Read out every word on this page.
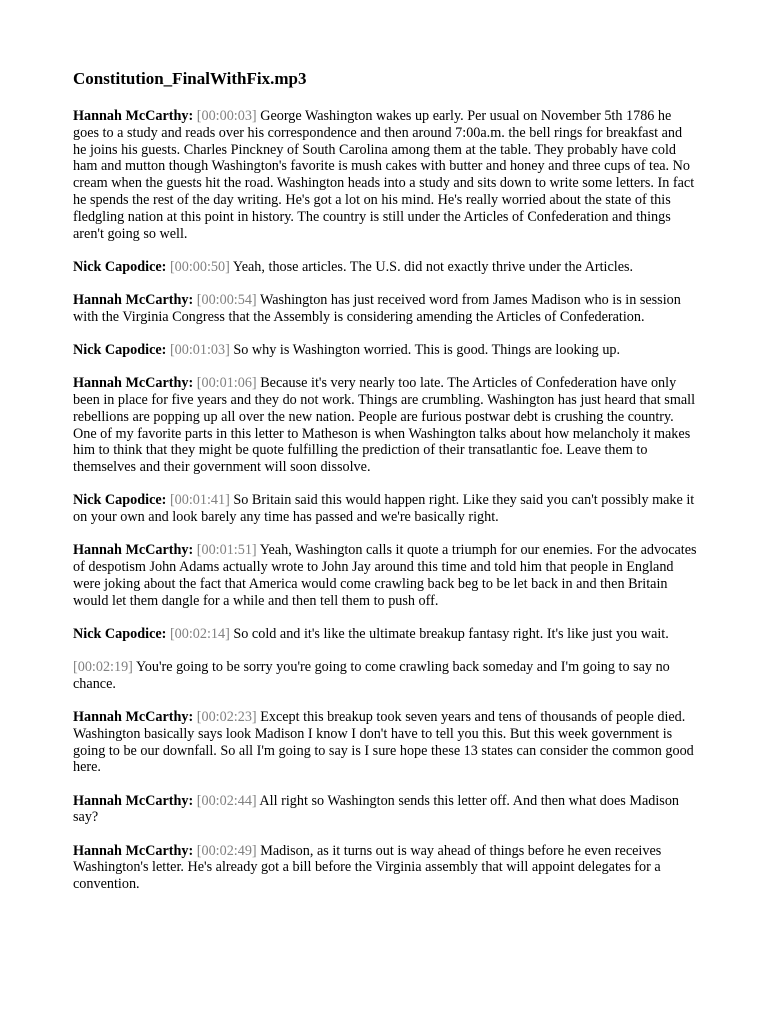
Constitution_FinalWithFix.mp3

Hannah McCarthy: [00:00:03] George Washington wakes up early. Per usual on November 5th 1786 he goes to a study and reads over his correspondence and then around 7:00a.m. the bell rings for breakfast and he joins his guests. Charles Pinckney of South Carolina among them at the table. They probably have cold ham and mutton though Washington's favorite is mush cakes with butter and honey and three cups of tea. No cream when the guests hit the road. Washington heads into a study and sits down to write some letters. In fact he spends the rest of the day writing. He's got a lot on his mind. He's really worried about the state of this fledgling nation at this point in history. The country is still under the Articles of Confederation and things aren't going so well.

Nick Capodice: [00:00:50] Yeah, those articles. The U.S. did not exactly thrive under the Articles.

Hannah McCarthy: [00:00:54] Washington has just received word from James Madison who is in session with the Virginia Congress that the Assembly is considering amending the Articles of Confederation.

Nick Capodice: [00:01:03] So why is Washington worried. This is good. Things are looking up.

Hannah McCarthy: [00:01:06] Because it's very nearly too late. The Articles of Confederation have only been in place for five years and they do not work. Things are crumbling. Washington has just heard that small rebellions are popping up all over the new nation. People are furious postwar debt is crushing the country. One of my favorite parts in this letter to Matheson is when Washington talks about how melancholy it makes him to think that they might be quote fulfilling the prediction of their transatlantic foe. Leave them to themselves and their government will soon dissolve.

Nick Capodice: [00:01:41] So Britain said this would happen right. Like they said you can't possibly make it on your own and look barely any time has passed and we're basically right.

Hannah McCarthy: [00:01:51] Yeah, Washington calls it quote a triumph for our enemies. For the advocates of despotism John Adams actually wrote to John Jay around this time and told him that people in England were joking about the fact that America would come crawling back beg to be let back in and then Britain would let them dangle for a while and then tell them to push off.

Nick Capodice: [00:02:14] So cold and it's like the ultimate breakup fantasy right. It's like just you wait.

[00:02:19] You're going to be sorry you're going to come crawling back someday and I'm going to say no chance.

Hannah McCarthy: [00:02:23] Except this breakup took seven years and tens of thousands of people died. Washington basically says look Madison I know I don't have to tell you this. But this week government is going to be our downfall. So all I'm going to say is I sure hope these 13 states can consider the common good here.

Hannah McCarthy: [00:02:44] All right so Washington sends this letter off. And then what does Madison say?

Hannah McCarthy: [00:02:49] Madison, as it turns out is way ahead of things before he even receives Washington's letter. He's already got a bill before the Virginia assembly that will appoint delegates for a convention.
